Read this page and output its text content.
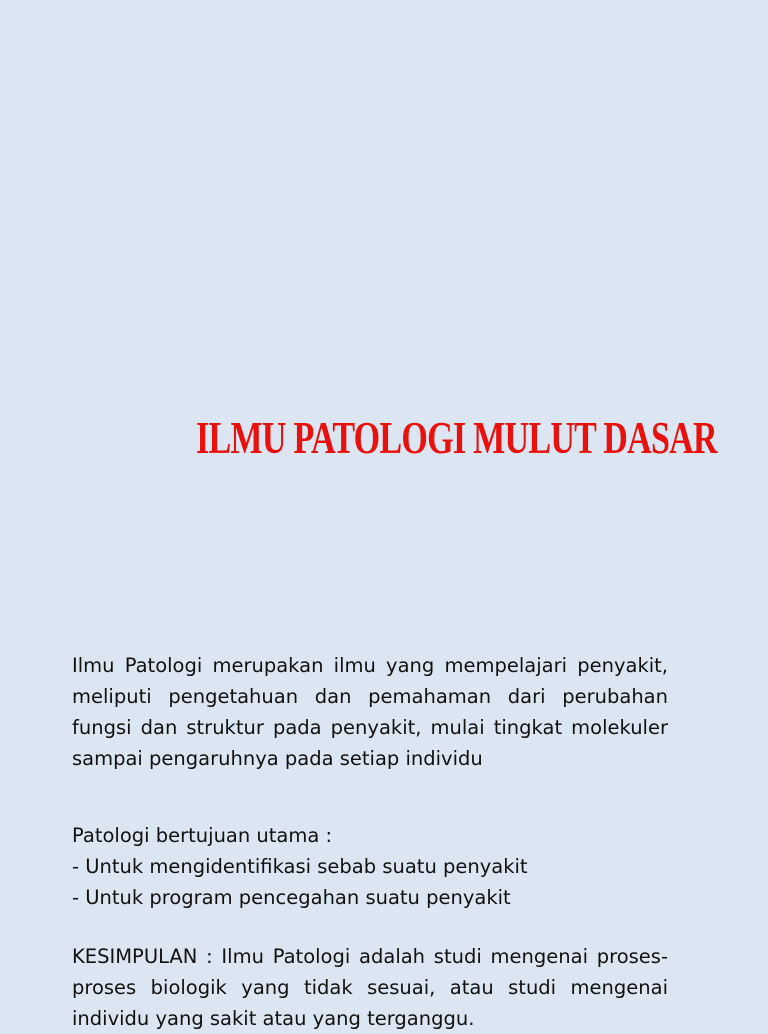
ILMU PATOLOGI MULUT DASAR

Ilmu Patologi merupakan ilmu yang mempelajari penyakit, meliputi pengetahuan dan pemahaman dari perubahan fungsi dan struktur pada penyakit, mulai tingkat molekuler sampai pengaruhnya pada setiap individu

Patologi bertujuan utama :
- Untuk mengidentifikasi sebab suatu penyakit
- Untuk program pencegahan suatu penyakit

KESIMPULAN : Ilmu Patologi adalah studi mengenai proses-proses biologik yang tidak sesuai, atau studi mengenai individu yang sakit atau yang terganggu.
